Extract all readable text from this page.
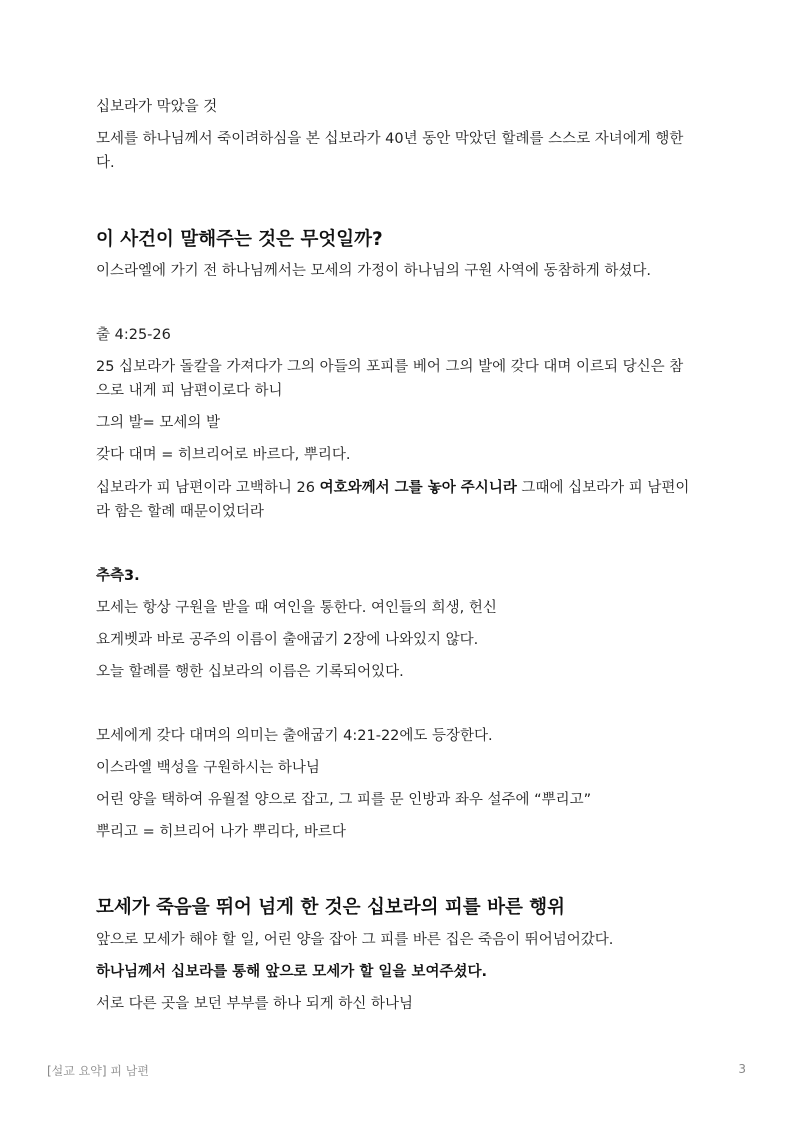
십보라가 막았을 것

모세를 하나님께서 죽이려하심을 본 십보라가 40년 동안 막았던 할례를 스스로 자녀에게 행한다.

이 사건이 말해주는 것은 무엇일까?

이스라엘에 가기 전 하나님께서는 모세의 가정이 하나님의 구원 사역에 동참하게 하셨다.

출 4:25-26

25 십보라가 돌칼을 가져다가 그의 아들의 포피를 베어 그의 발에 갖다 대며 이르되 당신은 참으로 내게 피 남편이로다 하니

그의 발= 모세의 발

갖다 대며 = 히브리어로 바르다, 뿌리다.

십보라가 피 남편이라 고백하니 26 여호와께서 그를 놓아 주시니라 그때에 십보라가 피 남편이라 함은 할례 때문이었더라

추측3.

모세는 항상 구원을 받을 때 여인을 통한다. 여인들의 희생, 헌신

요게벳과 바로 공주의 이름이 출애굽기 2장에 나와있지 않다.

오늘 할례를 행한 십보라의 이름은 기록되어있다.

모세에게 갖다 대며의 의미는 출애굽기 4:21-22에도 등장한다.

이스라엘 백성을 구원하시는 하나님

어린 양을 택하여 유월절 양으로 잡고, 그 피를 문 인방과 좌우 설주에 “뿌리고”

뿌리고 = 히브리어 나가 뿌리다, 바르다

모세가 죽음을 뛰어 넘게 한 것은 십보라의 피를 바른 행위

앞으로 모세가 해야 할 일, 어린 양을 잡아 그 피를 바른 집은 죽음이 뛰어넘어갔다.

하나님께서 십보라를 통해 앞으로 모세가 할 일을 보여주셨다.

서로 다른 곳을 보던 부부를 하나 되게 하신 하나님

[설교 요약] 피 남편	3
